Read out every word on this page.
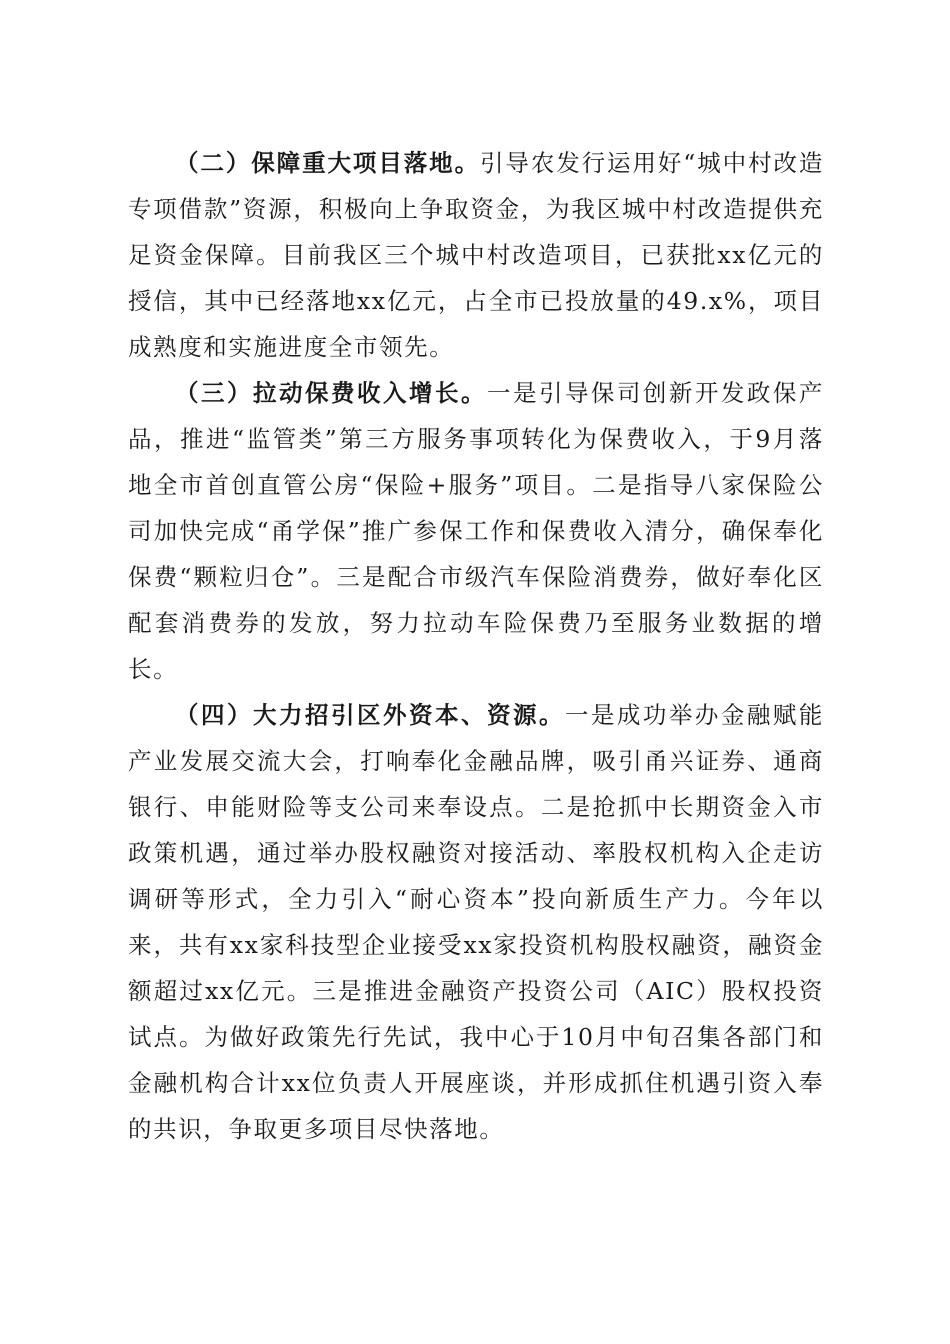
（二）保障重大项目落地。引导农发行运用好“城中村改造专项借款”资源，积极向上争取资金，为我区城中村改造提供充足资金保障。目前我区三个城中村改造项目，已获批xx亿元的授信，其中已经落地xx亿元，占全市已投放量的49.x%，项目成熟度和实施进度全市领先。

（三）拉动保费收入增长。一是引导保司创新开发政保产品，推进“监管类”第三方服务事项转化为保费收入，于9月落地全市首创直管公房“保险+服务”项目。二是指导八家保险公司加快完成“甬学保”推广参保工作和保费收入清分，确保奉化保费“颗粒归仓”。三是配合市级汽车保险消费券，做好奉化区配套消费券的发放，努力拉动车险保费乃至服务业数据的增长。

（四）大力招引区外资本、资源。一是成功举办金融赋能产业发展交流大会，打响奉化金融品牌，吸引甬兴证券、通商银行、申能财险等支公司来奉设点。二是抢抓中长期资金入市政策机遇，通过举办股权融资对接活动、率股权机构入企走访调研等形式，全力引入“耐心资本”投向新质生产力。今年以来，共有xx家科技型企业接受xx家投资机构股权融资，融资金额超过xx亿元。三是推进金融资产投资公司（AIC）股权投资试点。为做好政策先行先试，我中心于10月中旬召集各部门和金融机构合计xx位负责人开展座谈，并形成抓住机遇引资入奉的共识，争取更多项目尽快落地。
